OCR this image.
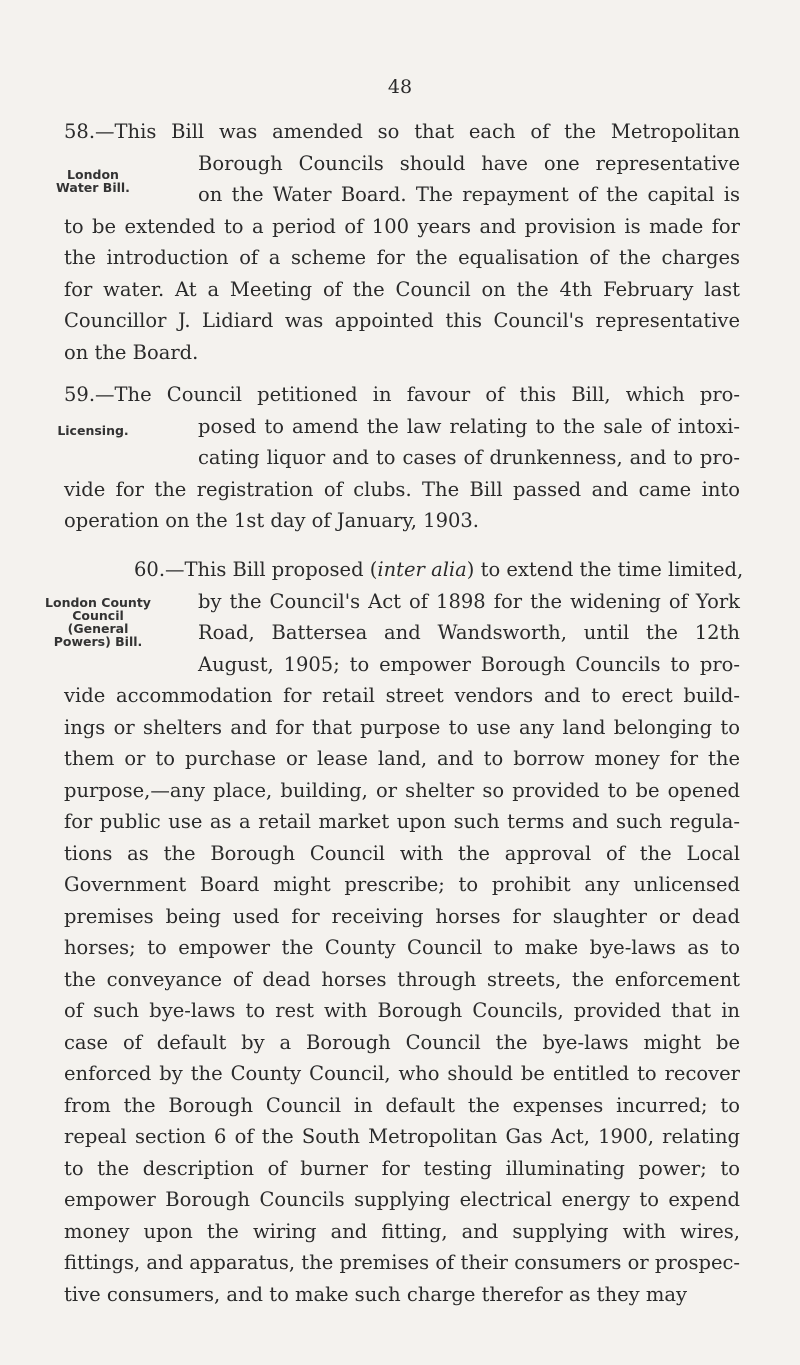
48
London
Water Bill.
58.—This Bill was amended so that each of the Metropolitan
Borough Councils should have one representative
on the Water Board. The repayment of the capital is
to be extended to a period of 100 years and provision is made for
the introduction of a scheme for the equalisation of the charges
for water. At a Meeting of the Council on the 4th February last
Councillor J. Lidiard was appointed this Council's representative
on the Board.
Licensing.
59.—The Council petitioned in favour of this Bill, which pro-
posed to amend the law relating to the sale of intoxi-
cating liquor and to cases of drunkenness, and to pro-
vide for the registration of clubs. The Bill passed and came into
operation on the 1st day of January, 1903.
London County
Council
(General
Powers) Bill.
60.—This Bill proposed (inter alia) to extend the time limited,
by the Council's Act of 1898 for the widening of York
Road, Battersea and Wandsworth, until the 12th
August, 1905; to empower Borough Councils to pro-
vide accommodation for retail street vendors and to erect build-
ings or shelters and for that purpose to use any land belonging to
them or to purchase or lease land, and to borrow money for the
purpose,—any place, building, or shelter so provided to be opened
for public use as a retail market upon such terms and such regula-
tions as the Borough Council with the approval of the Local
Government Board might prescribe; to prohibit any unlicensed
premises being used for receiving horses for slaughter or dead
horses; to empower the County Council to make bye-laws as to
the conveyance of dead horses through streets, the enforcement
of such bye-laws to rest with Borough Councils, provided that in
case of default by a Borough Council the bye-laws might be
enforced by the County Council, who should be entitled to recover
from the Borough Council in default the expenses incurred; to
repeal section 6 of the South Metropolitan Gas Act, 1900, relating
to the description of burner for testing illuminating power; to
empower Borough Councils supplying electrical energy to expend
money upon the wiring and fitting, and supplying with wires,
fittings, and apparatus, the premises of their consumers or prospec-
tive consumers, and to make such charge therefor as they may
